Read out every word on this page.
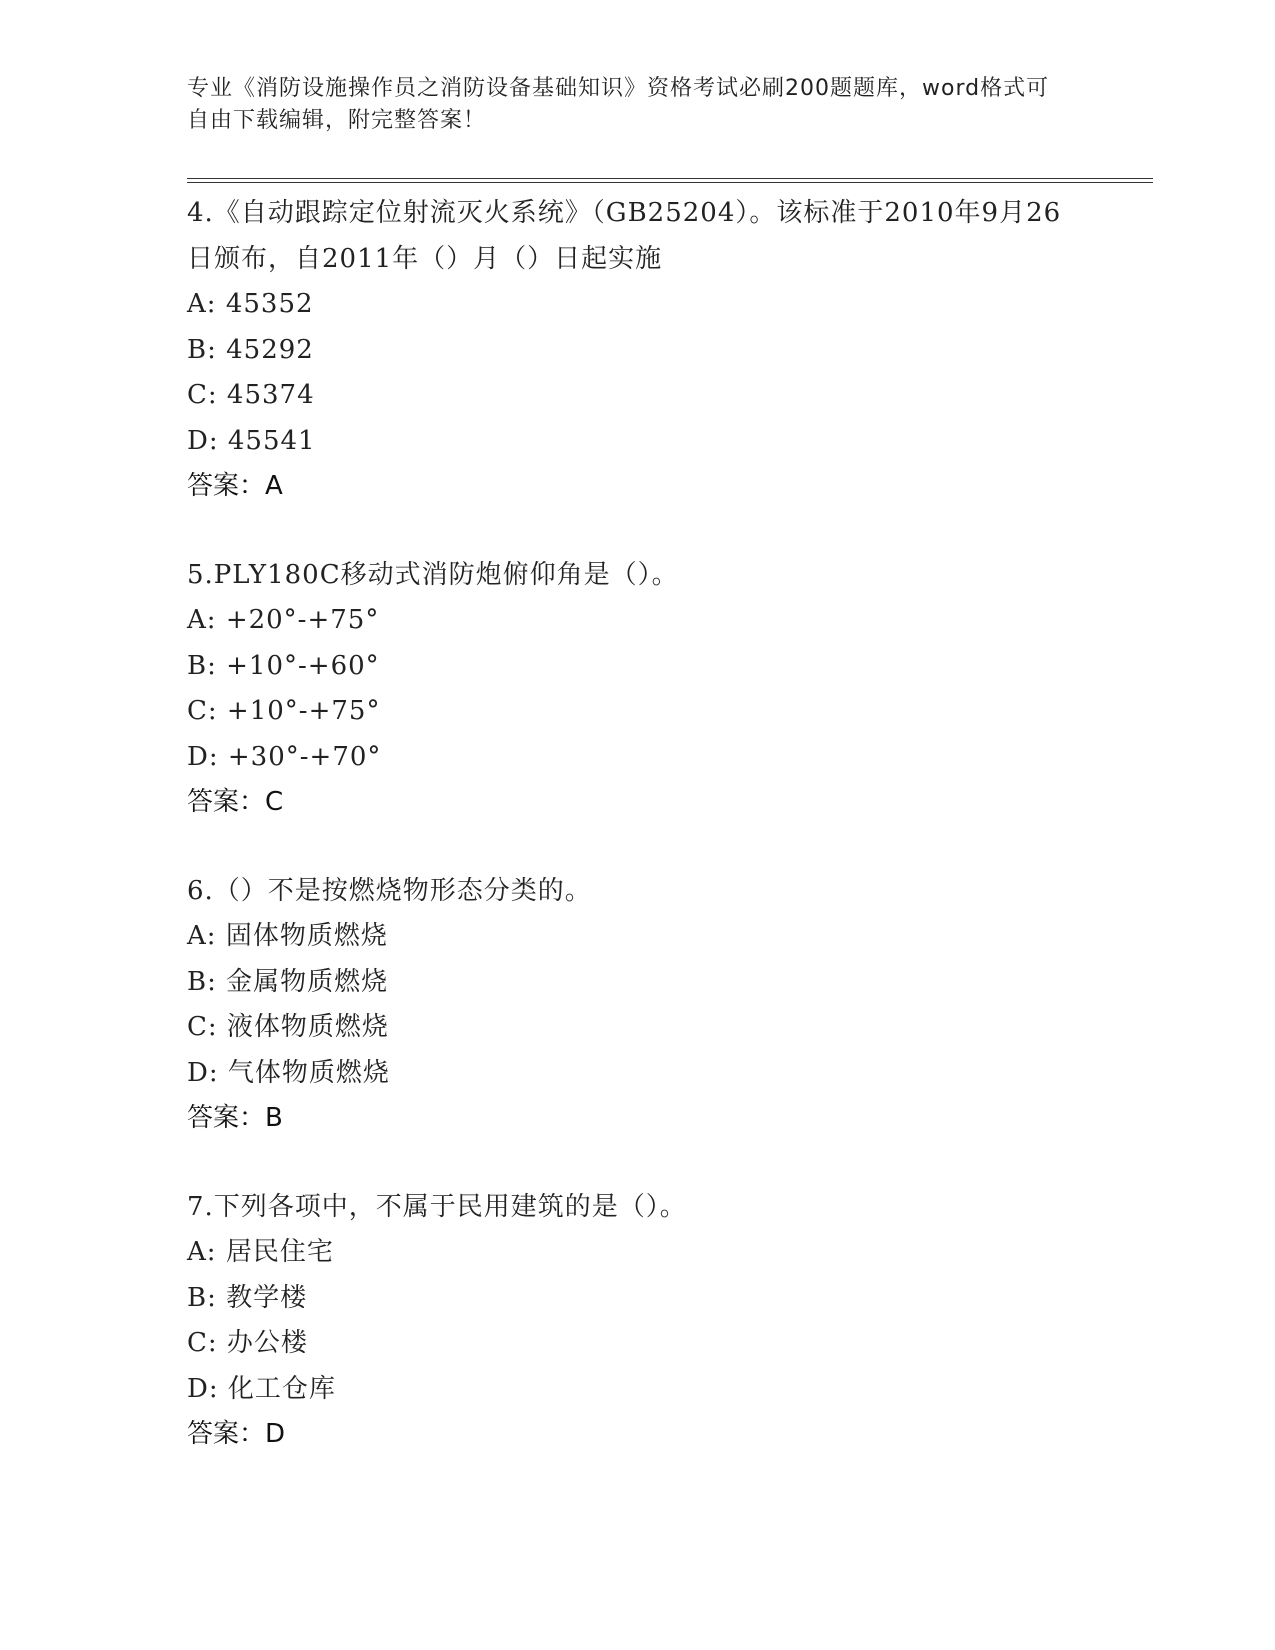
专业《消防设施操作员之消防设备基础知识》资格考试必刷200题题库，word格式可自由下载编辑，附完整答案！

4.《自动跟踪定位射流灭火系统》（GB25204）。该标准于2010年9月26日颁布，自2011年（）月（）日起实施

A: 45352

B: 45292

C: 45374

D: 45541

答案：A

5.PLY180C移动式消防炮俯仰角是（）。

A: +20°-+75°

B: +10°-+60°

C: +10°-+75°

D: +30°-+70°

答案：C

6.（）不是按燃烧物形态分类的。

A: 固体物质燃烧

B: 金属物质燃烧

C: 液体物质燃烧

D: 气体物质燃烧

答案：B

7.下列各项中，不属于民用建筑的是（）。

A: 居民住宅

B: 教学楼

C: 办公楼

D: 化工仓库

答案：D
